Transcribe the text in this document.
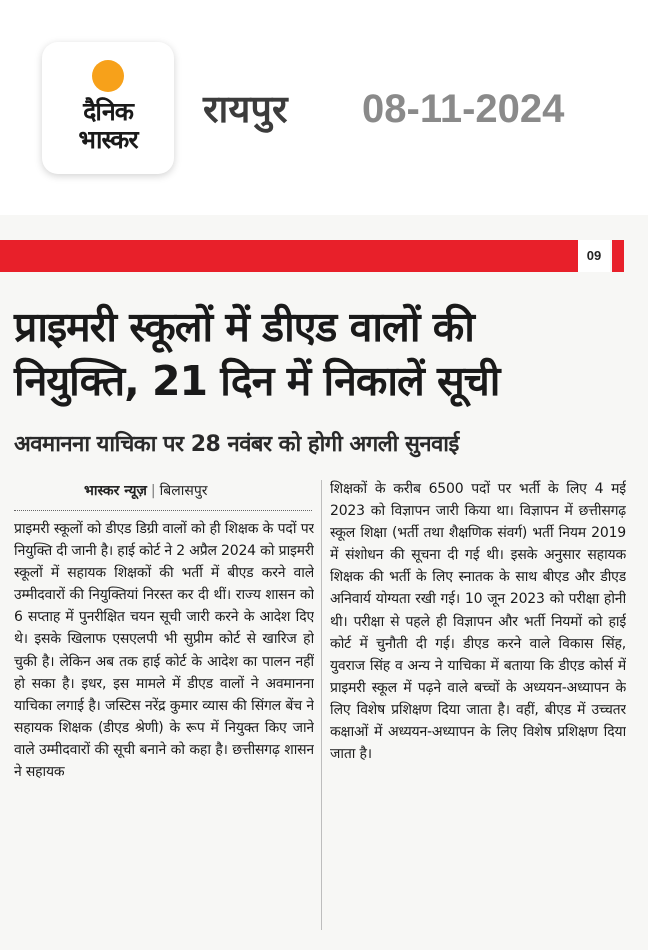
दैनिक
भास्कर
रायपुर 08-11-2024
09
प्राइमरी स्कूलों में डीएड वालों की
नियुक्ति, 21 दिन में निकालें सूची
अवमानना याचिका पर 28 नवंबर को होगी अगली सुनवाई
भास्कर न्यूज़ | बिलासपुर
प्राइमरी स्कूलों को डीएड डिग्री वालों को ही शिक्षक के पदों पर नियुक्ति दी जानी है। हाई कोर्ट ने 2 अप्रैल 2024 को प्राइमरी स्कूलों में सहायक शिक्षकों की भर्ती में बीएड करने वाले उम्मीदवारों की नियुक्तियां निरस्त कर दी थीं। राज्य शासन को 6 सप्ताह में पुनरीक्षित चयन सूची जारी करने के आदेश दिए थे। इसके खिलाफ एसएलपी भी सुप्रीम कोर्ट से खारिज हो चुकी है। लेकिन अब तक हाई कोर्ट के आदेश का पालन नहीं हो सका है। इधर, इस मामले में डीएड वालों ने अवमानना याचिका लगाई है। जस्टिस नरेंद्र कुमार व्यास की सिंगल बेंच ने सहायक शिक्षक (डीएड श्रेणी) के रूप में नियुक्त किए जाने वाले उम्मीदवारों की सूची बनाने को कहा है। छत्तीसगढ़ शासन ने सहायक
शिक्षकों के करीब 6500 पदों पर भर्ती के लिए 4 मई 2023 को विज्ञापन जारी किया था। विज्ञापन में छत्तीसगढ़ स्कूल शिक्षा (भर्ती तथा शैक्षणिक संवर्ग) भर्ती नियम 2019 में संशोधन की सूचना दी गई थी। इसके अनुसार सहायक शिक्षक की भर्ती के लिए स्नातक के साथ बीएड और डीएड अनिवार्य योग्यता रखी गई। 10 जून 2023 को परीक्षा होनी थी। परीक्षा से पहले ही विज्ञापन और भर्ती नियमों को हाई कोर्ट में चुनौती दी गई। डीएड करने वाले विकास सिंह, युवराज सिंह व अन्य ने याचिका में बताया कि डीएड कोर्स में प्राइमरी स्कूल में पढ़ने वाले बच्चों के अध्ययन-अध्यापन के लिए विशेष प्रशिक्षण दिया जाता है। वहीं, बीएड में उच्चतर कक्षाओं में अध्ययन-अध्यापन के लिए विशेष प्रशिक्षण दिया जाता है।
